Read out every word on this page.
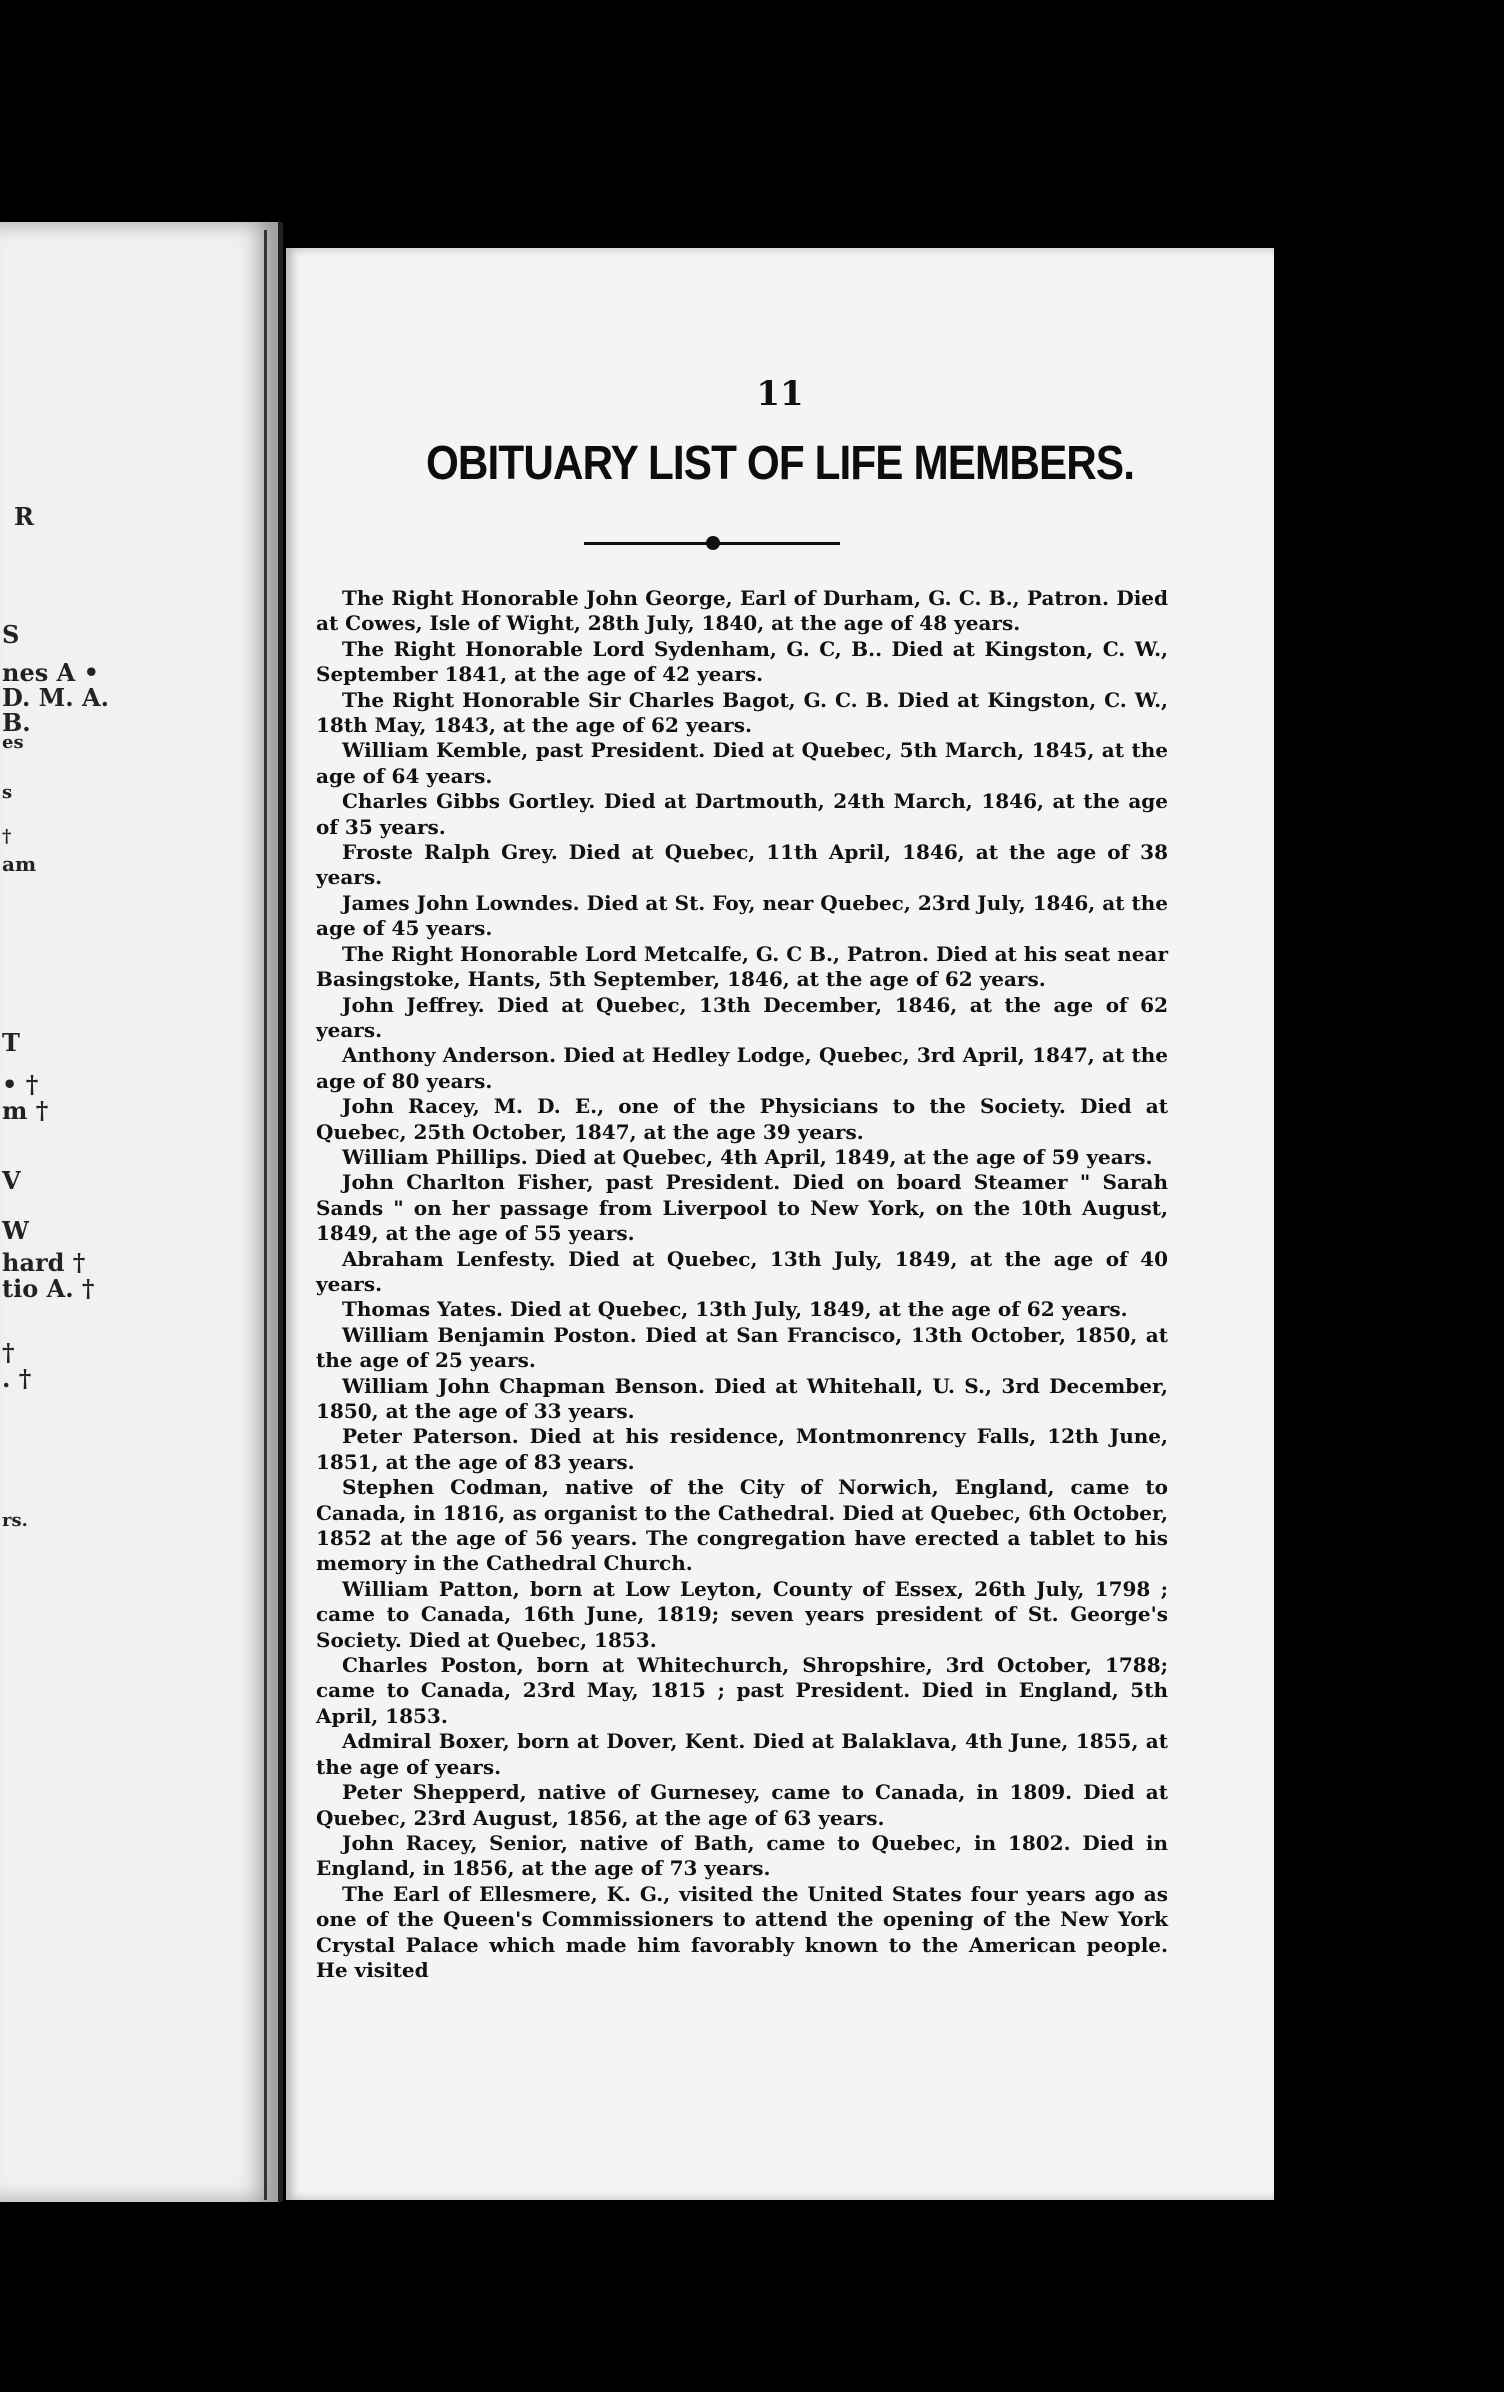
R
S
nes A •
D. M. A.
B.
es
s
†
am
T
• †
m †
V
W
hard †
tio A. †
†
. †
rs.
11
OBITUARY LIST OF LIFE MEMBERS.

The Right Honorable John George, Earl of Durham, G. C. B., Patron. Died at Cowes, Isle of Wight, 28th July, 1840, at the age of 48 years.

The Right Honorable Lord Sydenham, G. C, B.. Died at Kingston, C. W., September 1841, at the age of 42 years.

The Right Honorable Sir Charles Bagot, G. C. B. Died at Kingston, C. W., 18th May, 1843, at the age of 62 years.

William Kemble, past President. Died at Quebec, 5th March, 1845, at the age of 64 years.

Charles Gibbs Gortley. Died at Dartmouth, 24th March, 1846, at the age of 35 years.

Froste Ralph Grey. Died at Quebec, 11th April, 1846, at the age of 38 years.

James John Lowndes. Died at St. Foy, near Quebec, 23rd July, 1846, at the age of 45 years.

The Right Honorable Lord Metcalfe, G. C B., Patron. Died at his seat near Basingstoke, Hants, 5th September, 1846, at the age of 62 years.

John Jeffrey. Died at Quebec, 13th December, 1846, at the age of 62 years.

Anthony Anderson. Died at Hedley Lodge, Quebec, 3rd April, 1847, at the age of 80 years.

John Racey, M. D. E., one of the Physicians to the Society. Died at Quebec, 25th October, 1847, at the age 39 years.

William Phillips. Died at Quebec, 4th April, 1849, at the age of 59 years.

John Charlton Fisher, past President. Died on board Steamer " Sarah Sands " on her passage from Liverpool to New York, on the 10th August, 1849, at the age of 55 years.

Abraham Lenfesty. Died at Quebec, 13th July, 1849, at the age of 40 years.

Thomas Yates. Died at Quebec, 13th July, 1849, at the age of 62 years.

William Benjamin Poston. Died at San Francisco, 13th October, 1850, at the age of 25 years.

William John Chapman Benson. Died at Whitehall, U. S., 3rd December, 1850, at the age of 33 years.

Peter Paterson. Died at his residence, Montmonrency Falls, 12th June, 1851, at the age of 83 years.

Stephen Codman, native of the City of Norwich, England, came to Canada, in 1816, as organist to the Cathedral. Died at Quebec, 6th October, 1852 at the age of 56 years. The congregation have erected a tablet to his memory in the Cathedral Church.

William Patton, born at Low Leyton, County of Essex, 26th July, 1798 ; came to Canada, 16th June, 1819; seven years president of St. George's Society. Died at Quebec, 1853.

Charles Poston, born at Whitechurch, Shropshire, 3rd October, 1788; came to Canada, 23rd May, 1815 ; past President. Died in England, 5th April, 1853.

Admiral Boxer, born at Dover, Kent. Died at Balaklava, 4th June, 1855, at the age of years.

Peter Shepperd, native of Gurnesey, came to Canada, in 1809. Died at Quebec, 23rd August, 1856, at the age of 63 years.

John Racey, Senior, native of Bath, came to Quebec, in 1802. Died in England, in 1856, at the age of 73 years.

The Earl of Ellesmere, K. G., visited the United States four years ago as one of the Queen's Commissioners to attend the opening of the New York Crystal Palace which made him favorably known to the American people. He visited
